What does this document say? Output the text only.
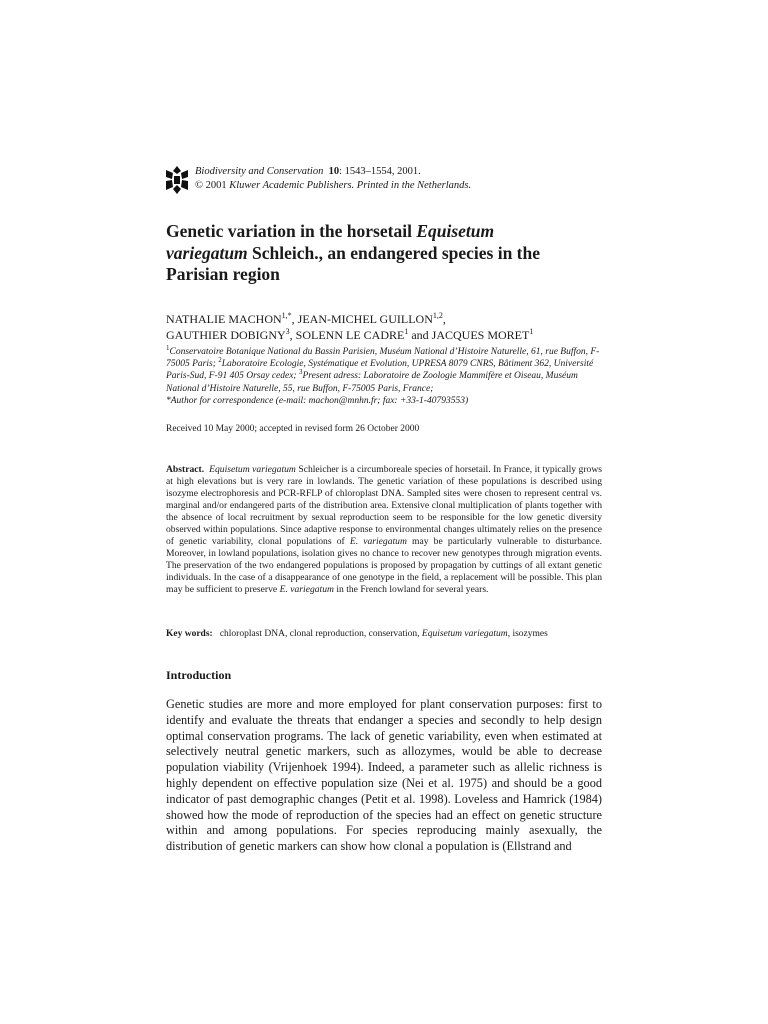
Biodiversity and Conservation 10: 1543–1554, 2001.
© 2001 Kluwer Academic Publishers. Printed in the Netherlands.
Genetic variation in the horsetail Equisetum
variegatum Schleich., an endangered species in the Parisian region
NATHALIE $MACHON^{1,*}$, JEAN-MICHEL GUILLON$^{1,2}$,
GAUTHIER DOBIGNY$^3$, SOLENN LE CADRE$^1$ and JACQUES MORET$^1$
$^1$Conservatoire Botanique National du Bassin Parisien, Muséum National d’Histoire Naturelle, 61, rue Buffon, F-75005 Paris; $^2$Laboratoire Ecologie, Systématique et Evolution, UPRESA 8079 CNRS, Bâtiment 362, Université Paris-Sud, F-91 405 Orsay cedex; $^3$Present adress: Laboratoire de Zoologie Mammifère et Oiseau, Muséum National d’Histoire Naturelle, 55, rue Buffon, F-75005 Paris, France;
*Author for correspondence (e-mail: machon@mnhn.fr; fax: +33-1-40793553)
Received 10 May 2000; accepted in revised form 26 October 2000
Abstract. Equisetum variegatum Schleicher is a circumboreale species of horsetail. In France, it typically grows at high elevations but is very rare in lowlands. The genetic variation of these populations is described using isozyme electrophoresis and PCR-RFLP of chloroplast DNA. Sampled sites were chosen to represent central vs. marginal and/or endangered parts of the distribution area. Extensive clonal multiplication of plants together with the absence of local recruitment by sexual reproduction seem to be responsible for the low genetic diversity observed within populations. Since adaptive response to environmental changes ultimately relies on the presence of genetic variability, clonal populations of E. variegatum may be particularly vulnerable to disturbance. Moreover, in lowland populations, isolation gives no chance to recover new genotypes through migration events. The preservation of the two endangered populations is proposed by propagation by cuttings of all extant genetic individuals. In the case of a disappearance of one genotype in the field, a replacement will be possible. This plan may be sufficient to preserve E. variegatum in the French lowland for several years.
Key words: chloroplast DNA, clonal reproduction, conservation, Equisetum variegatum, isozymes
Introduction

Genetic studies are more and more employed for plant conservation purposes: first to identify and evaluate the threats that endanger a species and secondly to help design optimal conservation programs. The lack of genetic variability, even when estimated at selectively neutral genetic markers, such as allozymes, would be able to decrease population viability (Vrijenhoek 1994). Indeed, a parameter such as allelic richness is highly dependent on effective population size (Nei et al. 1975) and should be a good indicator of past demographic changes (Petit et al. 1998). Loveless and Hamrick (1984) showed how the mode of reproduction of the species had an effect on genetic structure within and among populations. For species reproducing mainly asexually, the distribution of genetic markers can show how clonal a population is (Ellstrand and
